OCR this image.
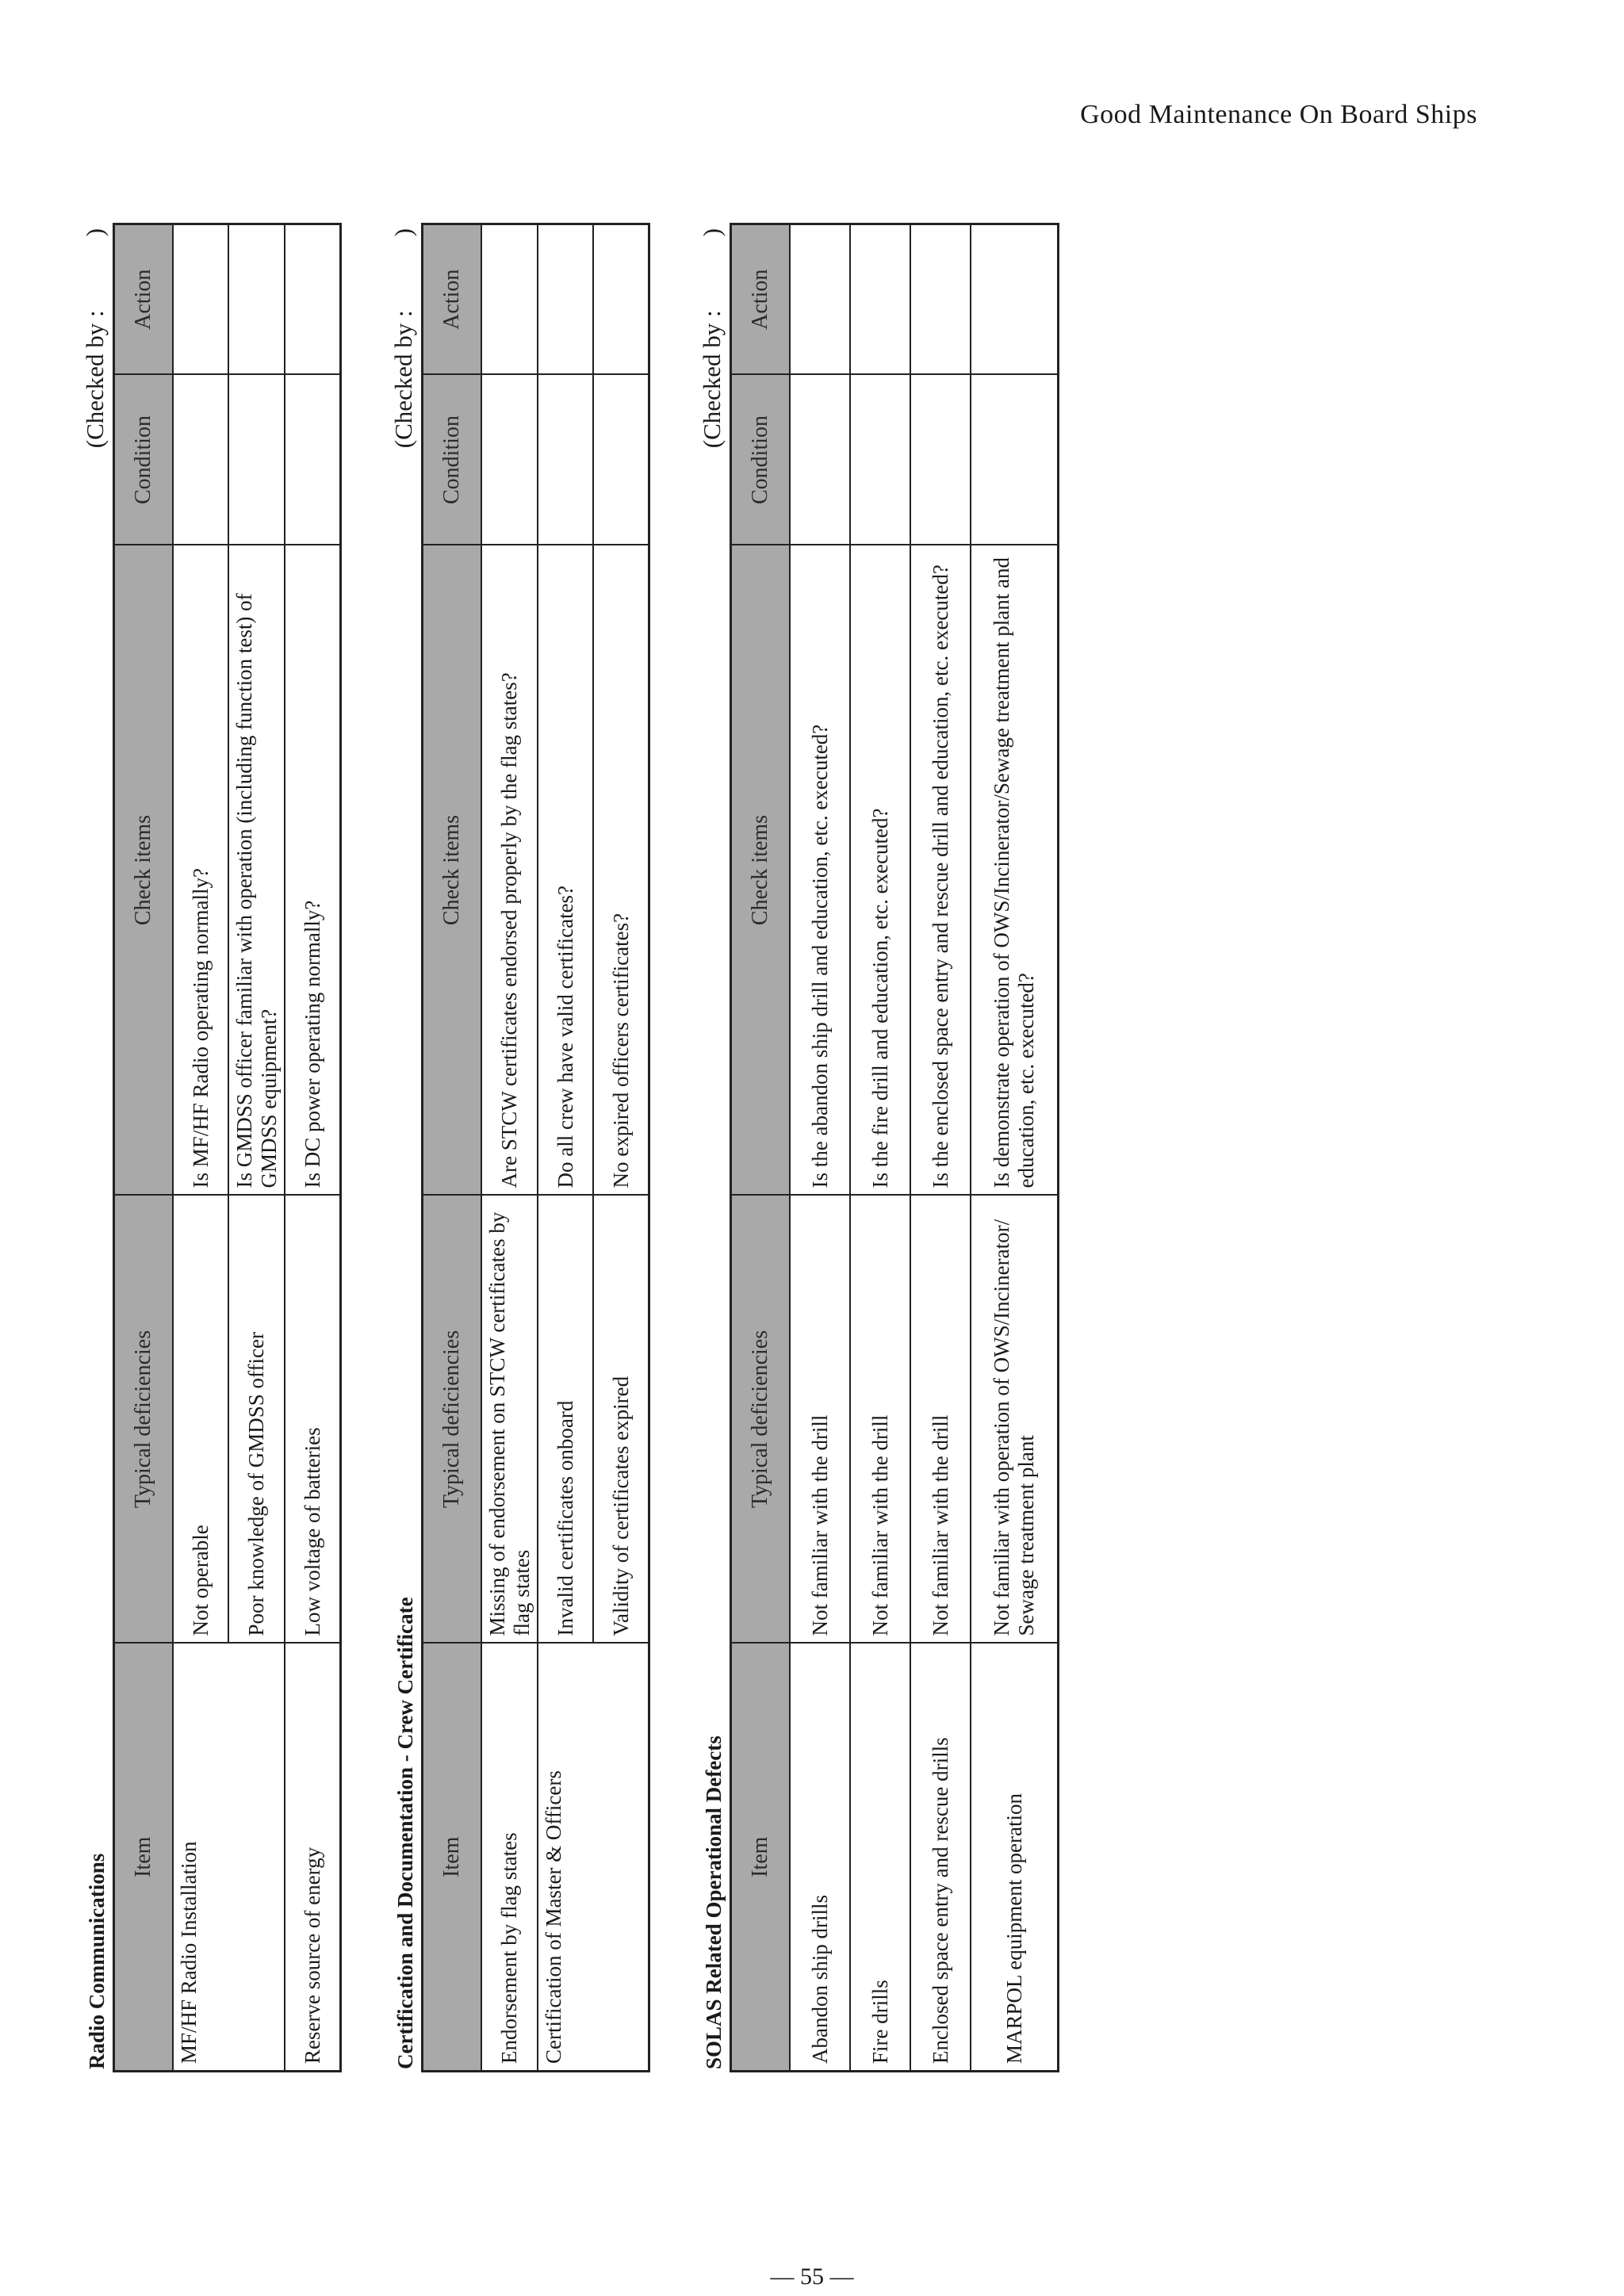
Good Maintenance On Board Ships
Radio Communications
(Checked by :            )
Item	Typical deficiencies	Check items	Condition	Action
MF/HF Radio Installation	Not operable	Is MF/HF Radio operating normally?		
	Poor knowledge of GMDSS officer	Is GMDSS officer familiar with operation (including function test) of GMDSS equipment?		
Reserve source of energy	Low voltage of batteries	Is DC power operating normally?		
Certification and Documentation - Crew Certificate
(Checked by :            )
Item	Typical deficiencies	Check items	Condition	Action
Endorsement by flag states	Missing of endorsement on STCW certificates by flag states	Are STCW certificates endorsed properly by the flag states?		
Certification of Master & Officers	Invalid certificates onboard	Do all crew have valid certificates?		
	Validity of certificates expired	No expired officers certificates?		
SOLAS Related Operational Defects
(Checked by :            )
Item	Typical deficiencies	Check items	Condition	Action
Abandon ship drills	Not familiar with the drill	Is the abandon ship drill and education, etc. executed?		
Fire drills	Not familiar with the drill	Is the fire drill and education, etc. executed?		
Enclosed space entry and rescue drills	Not familiar with the drill	Is the enclosed space entry and rescue drill and education, etc. executed?		
MARPOL equipment operation	Not familiar with operation of OWS/Incinerator/ Sewage treatment plant	Is demonstrate operation of OWS/Incinerator/Sewage treatment plant and education, etc. executed?		
— 55 —
